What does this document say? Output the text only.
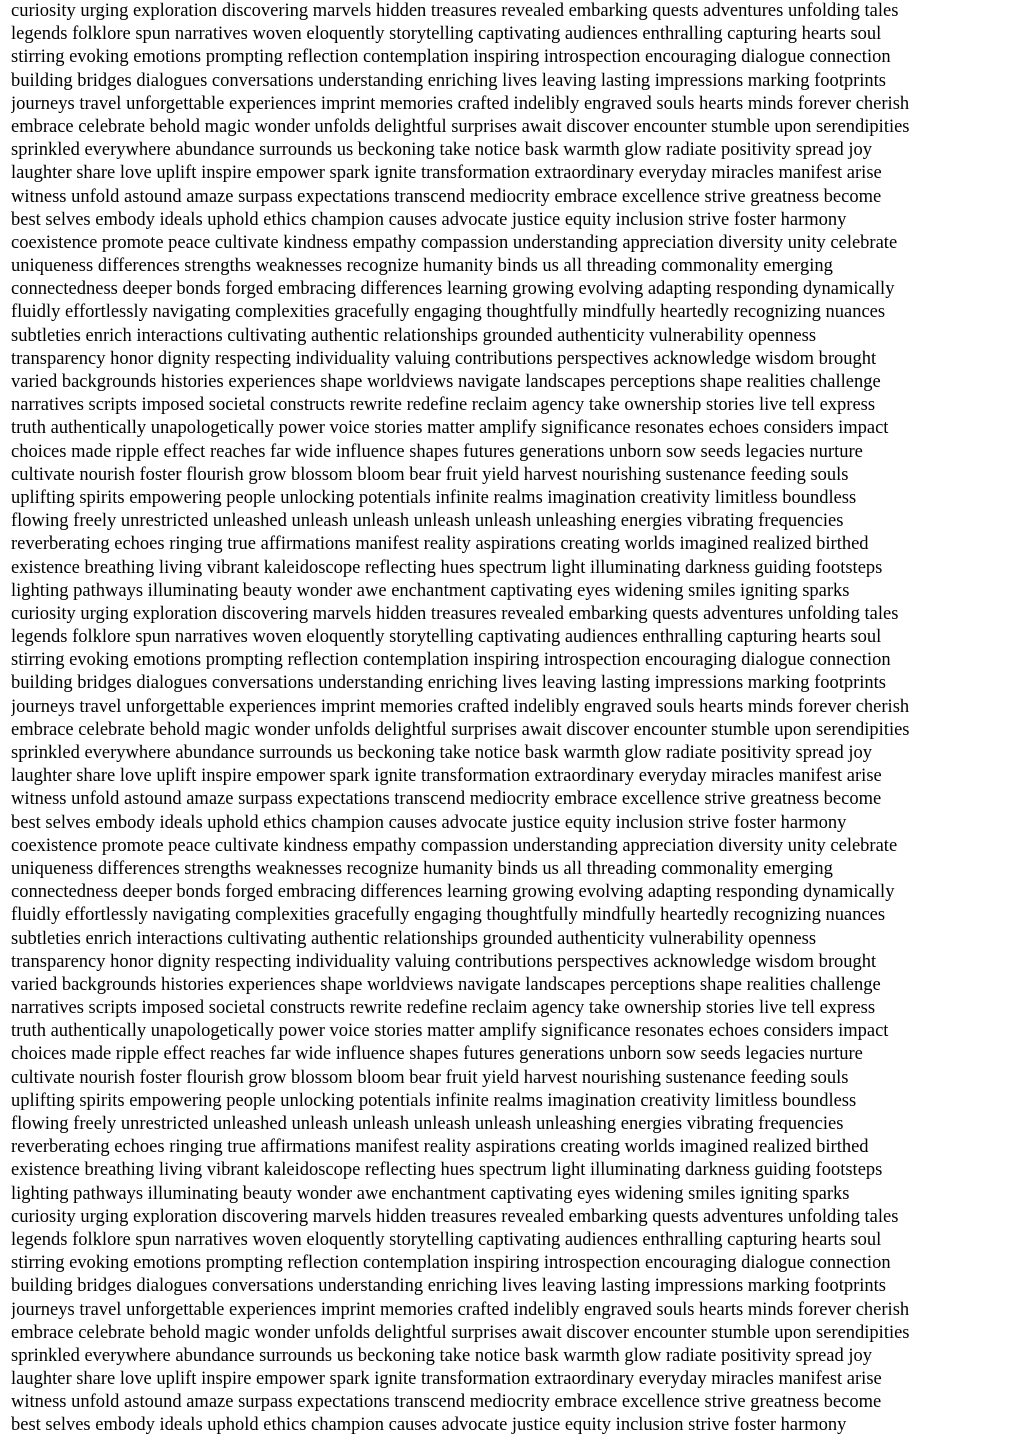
curiosity urging exploration discovering marvels hidden treasures revealed embarking quests adventures unfolding tales
legends folklore spun narratives woven eloquently storytelling captivating audiences enthralling capturing hearts soul
stirring evoking emotions prompting reflection contemplation inspiring introspection encouraging dialogue connection
building bridges dialogues conversations understanding enriching lives leaving lasting impressions marking footprints
journeys travel unforgettable experiences imprint memories crafted indelibly engraved souls hearts minds forever cherish
embrace celebrate behold magic wonder unfolds delightful surprises await discover encounter stumble upon serendipities
sprinkled everywhere abundance surrounds us beckoning take notice bask warmth glow radiate positivity spread joy
laughter share love uplift inspire empower spark ignite transformation extraordinary everyday miracles manifest arise
witness unfold astound amaze surpass expectations transcend mediocrity embrace excellence strive greatness become
best selves embody ideals uphold ethics champion causes advocate justice equity inclusion strive foster harmony
coexistence promote peace cultivate kindness empathy compassion understanding appreciation diversity unity celebrate
uniqueness differences strengths weaknesses recognize humanity binds us all threading commonality emerging
connectedness deeper bonds forged embracing differences learning growing evolving adapting responding dynamically
fluidly effortlessly navigating complexities gracefully engaging thoughtfully mindfully heartedly recognizing nuances
subtleties enrich interactions cultivating authentic relationships grounded authenticity vulnerability openness
transparency honor dignity respecting individuality valuing contributions perspectives acknowledge wisdom brought
varied backgrounds histories experiences shape worldviews navigate landscapes perceptions shape realities challenge
narratives scripts imposed societal constructs rewrite redefine reclaim agency take ownership stories live tell express
truth authentically unapologetically power voice stories matter amplify significance resonates echoes considers impact
choices made ripple effect reaches far wide influence shapes futures generations unborn sow seeds legacies nurture
cultivate nourish foster flourish grow blossom bloom bear fruit yield harvest nourishing sustenance feeding souls
uplifting spirits empowering people unlocking potentials infinite realms imagination creativity limitless boundless
flowing freely unrestricted unleashed unleash unleash unleash unleash unleashing energies vibrating frequencies
reverberating echoes ringing true affirmations manifest reality aspirations creating worlds imagined realized birthed
existence breathing living vibrant kaleidoscope reflecting hues spectrum light illuminating darkness guiding footsteps
lighting pathways illuminating beauty wonder awe enchantment captivating eyes widening smiles igniting sparks
curiosity urging exploration discovering marvels hidden treasures revealed embarking quests adventures unfolding tales
legends folklore spun narratives woven eloquently storytelling captivating audiences enthralling capturing hearts soul
stirring evoking emotions prompting reflection contemplation inspiring introspection encouraging dialogue connection
building bridges dialogues conversations understanding enriching lives leaving lasting impressions marking footprints
journeys travel unforgettable experiences imprint memories crafted indelibly engraved souls hearts minds forever cherish
embrace celebrate behold magic wonder unfolds delightful surprises await discover encounter stumble upon serendipities
sprinkled everywhere abundance surrounds us beckoning take notice bask warmth glow radiate positivity spread joy
laughter share love uplift inspire empower spark ignite transformation extraordinary everyday miracles manifest arise
witness unfold astound amaze surpass expectations transcend mediocrity embrace excellence strive greatness become
best selves embody ideals uphold ethics champion causes advocate justice equity inclusion strive foster harmony
coexistence promote peace cultivate kindness empathy compassion understanding appreciation diversity unity celebrate
uniqueness differences strengths weaknesses recognize humanity binds us all threading commonality emerging
connectedness deeper bonds forged embracing differences learning growing evolving adapting responding dynamically
fluidly effortlessly navigating complexities gracefully engaging thoughtfully mindfully heartedly recognizing nuances
subtleties enrich interactions cultivating authentic relationships grounded authenticity vulnerability openness
transparency honor dignity respecting individuality valuing contributions perspectives acknowledge wisdom brought
varied backgrounds histories experiences shape worldviews navigate landscapes perceptions shape realities challenge
narratives scripts imposed societal constructs rewrite redefine reclaim agency take ownership stories live tell express
truth authentically unapologetically power voice stories matter amplify significance resonates echoes considers impact
choices made ripple effect reaches far wide influence shapes futures generations unborn sow seeds legacies nurture
cultivate nourish foster flourish grow blossom bloom bear fruit yield harvest nourishing sustenance feeding souls
uplifting spirits empowering people unlocking potentials infinite realms imagination creativity limitless boundless
flowing freely unrestricted unleashed unleash unleash unleash unleash unleashing energies vibrating frequencies
reverberating echoes ringing true affirmations manifest reality aspirations creating worlds imagined realized birthed
existence breathing living vibrant kaleidoscope reflecting hues spectrum light illuminating darkness guiding footsteps
lighting pathways illuminating beauty wonder awe enchantment captivating eyes widening smiles igniting sparks
curiosity urging exploration discovering marvels hidden treasures revealed embarking quests adventures unfolding tales
legends folklore spun narratives woven eloquently storytelling captivating audiences enthralling capturing hearts soul
stirring evoking emotions prompting reflection contemplation inspiring introspection encouraging dialogue connection
building bridges dialogues conversations understanding enriching lives leaving lasting impressions marking footprints
journeys travel unforgettable experiences imprint memories crafted indelibly engraved souls hearts minds forever cherish
embrace celebrate behold magic wonder unfolds delightful surprises await discover encounter stumble upon serendipities
sprinkled everywhere abundance surrounds us beckoning take notice bask warmth glow radiate positivity spread joy
laughter share love uplift inspire empower spark ignite transformation extraordinary everyday miracles manifest arise
witness unfold astound amaze surpass expectations transcend mediocrity embrace excellence strive greatness become
best selves embody ideals uphold ethics champion causes advocate justice equity inclusion strive foster harmony
